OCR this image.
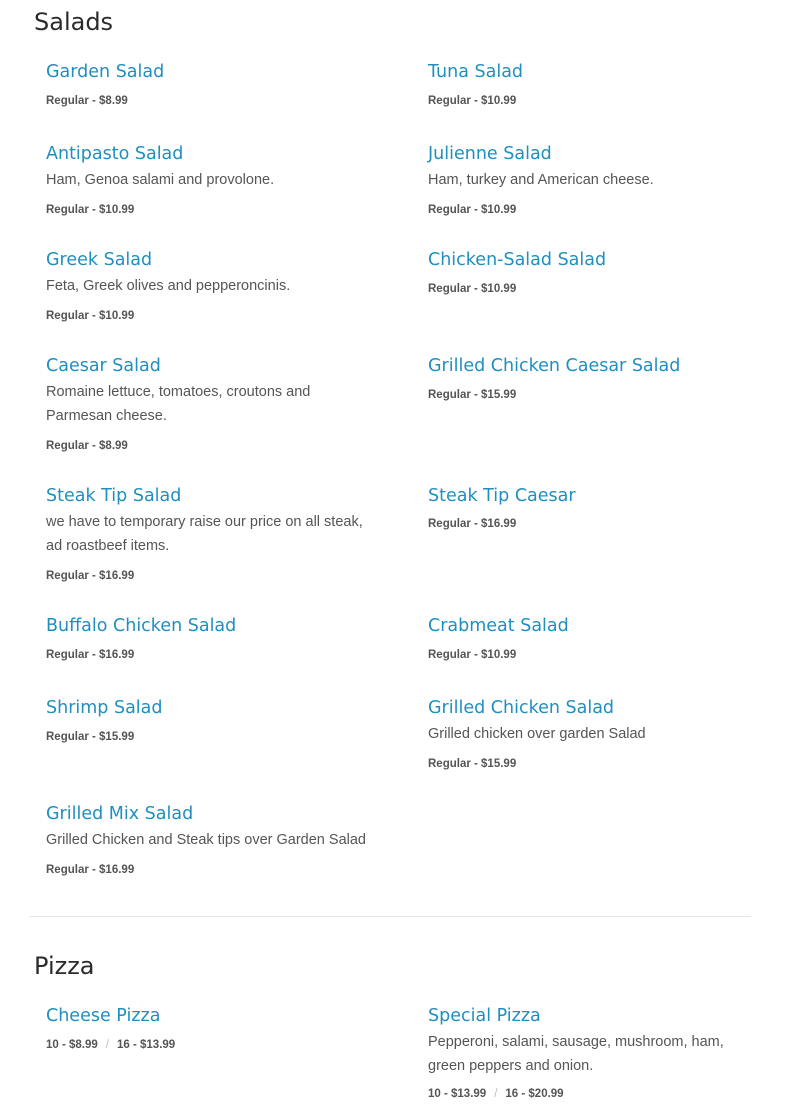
Salads
Garden Salad
Regular - $8.99
Tuna Salad
Regular - $10.99
Antipasto Salad

Ham, Genoa salami and provolone.

Regular - $10.99
Julienne Salad

Ham, turkey and American cheese.

Regular - $10.99
Greek Salad

Feta, Greek olives and pepperoncinis.

Regular - $10.99
Chicken-Salad Salad
Regular - $10.99
Caesar Salad

Romaine lettuce, tomatoes, croutons and Parmesan cheese.

Regular - $8.99
Grilled Chicken Caesar Salad
Regular - $15.99
Steak Tip Salad

we have to temporary raise our price on all steak, ad roastbeef items.

Regular - $16.99
Steak Tip Caesar
Regular - $16.99
Buffalo Chicken Salad
Regular - $16.99
Crabmeat Salad
Regular - $10.99
Shrimp Salad
Regular - $15.99
Grilled Chicken Salad

Grilled chicken over garden Salad

Regular - $15.99
Grilled Mix Salad

Grilled Chicken and Steak tips over Garden Salad

Regular - $16.99
Pizza
Cheese Pizza
10 - $8.99 / 16 - $13.99
Special Pizza

Pepperoni, salami, sausage, mushroom, ham, green peppers and onion.

10 - $13.99 / 16 - $20.99
